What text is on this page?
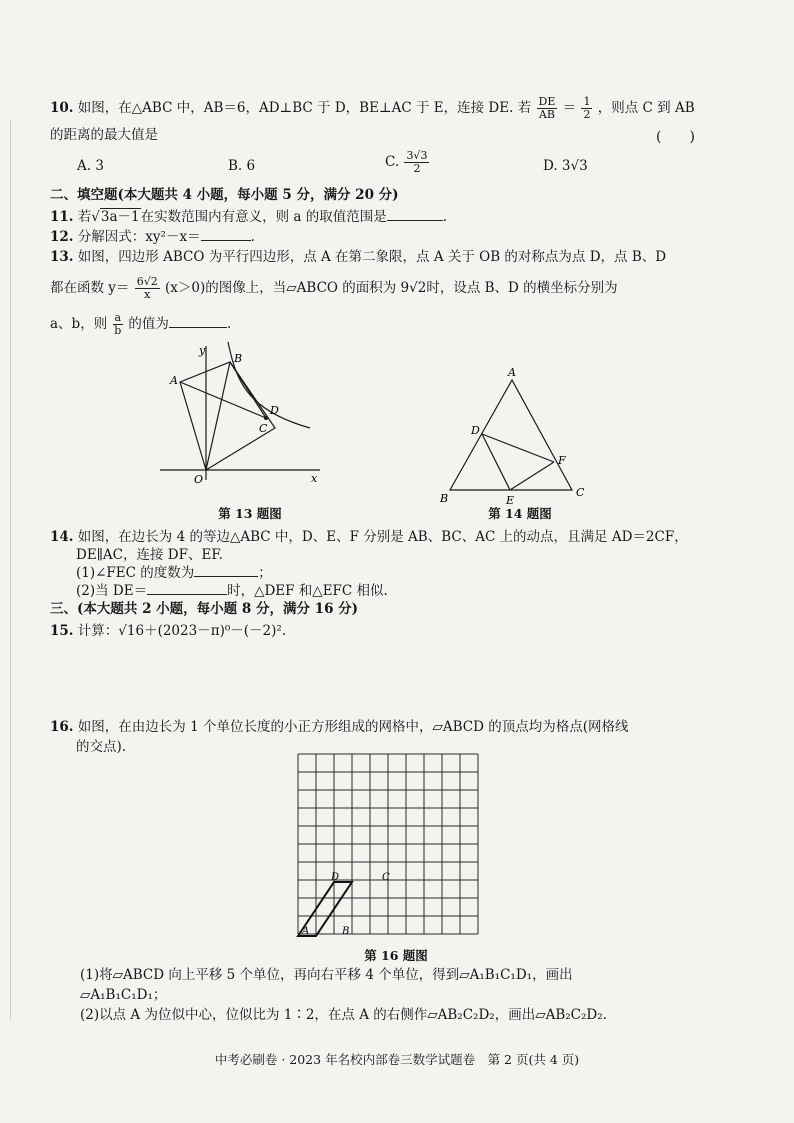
10. 如图，在△ABC 中，AB＝6，AD⊥BC 于 D，BE⊥AC 于 E，连接 DE. 若 $\frac{DE}{AB} = \frac{1}{2}$ ，则点 C 到 AB
的距离的最大值是	(　　)
A. 3	B. 6	C. $\frac{3√3}{2}$	D. 3√3
二、填空题(本大题共 4 小题，每小题 5 分，满分 20 分)
11. 若√3a－1在实数范围内有意义，则 a 的取值范围是	.
12. 分解因式：xy²－x＝	.
13. 如图，四边形 ABCO 为平行四边形，点 A 在第二象限，点 A 关于 OB 的对称点为点 D，点 B、D
都在函数 $y= \frac{6√2}{x} (x>0)$的图像上，当▱ABCO 的面积为 9√2时，设点 B、D 的横坐标分别为
a、b，则 $\frac{a}{b}$ 的值为	.
y
x
O
A
B
C
D
第 13 题图
A
B	C
D
E
F
第 14 题图
14. 如图，在边长为 4 的等边△ABC 中，D、E、F 分别是 AB、BC、AC 上的动点，且满足 AD＝2CF，
DE∥AC，连接 DF、EF.
(1)∠FEC 的度数为	；
(2)当 DE＝	时，△DEF 和△EFC 相似.
三、(本大题共 2 小题，每小题 8 分，满分 16 分)
15. 计算：√16＋(2023－π)⁰－(－2)².
16. 如图，在由边长为 1 个单位长度的小正方形组成的网格中，▱ABCD 的顶点均为格点(网格线
的交点).
A	B
D	C
第 16 题图
(1)将▱ABCD 向上平移 5 个单位，再向右平移 4 个单位，得到▱A₁B₁C₁D₁，画出
▱A₁B₁C₁D₁；
(2)以点 A 为位似中心，位似比为 1∶2，在点 A 的右侧作▱AB₂C₂D₂，画出▱AB₂C₂D₂.
中考必刷卷 · 2023 年名校内部卷三数学试题卷　第 2 页(共 4 页)
